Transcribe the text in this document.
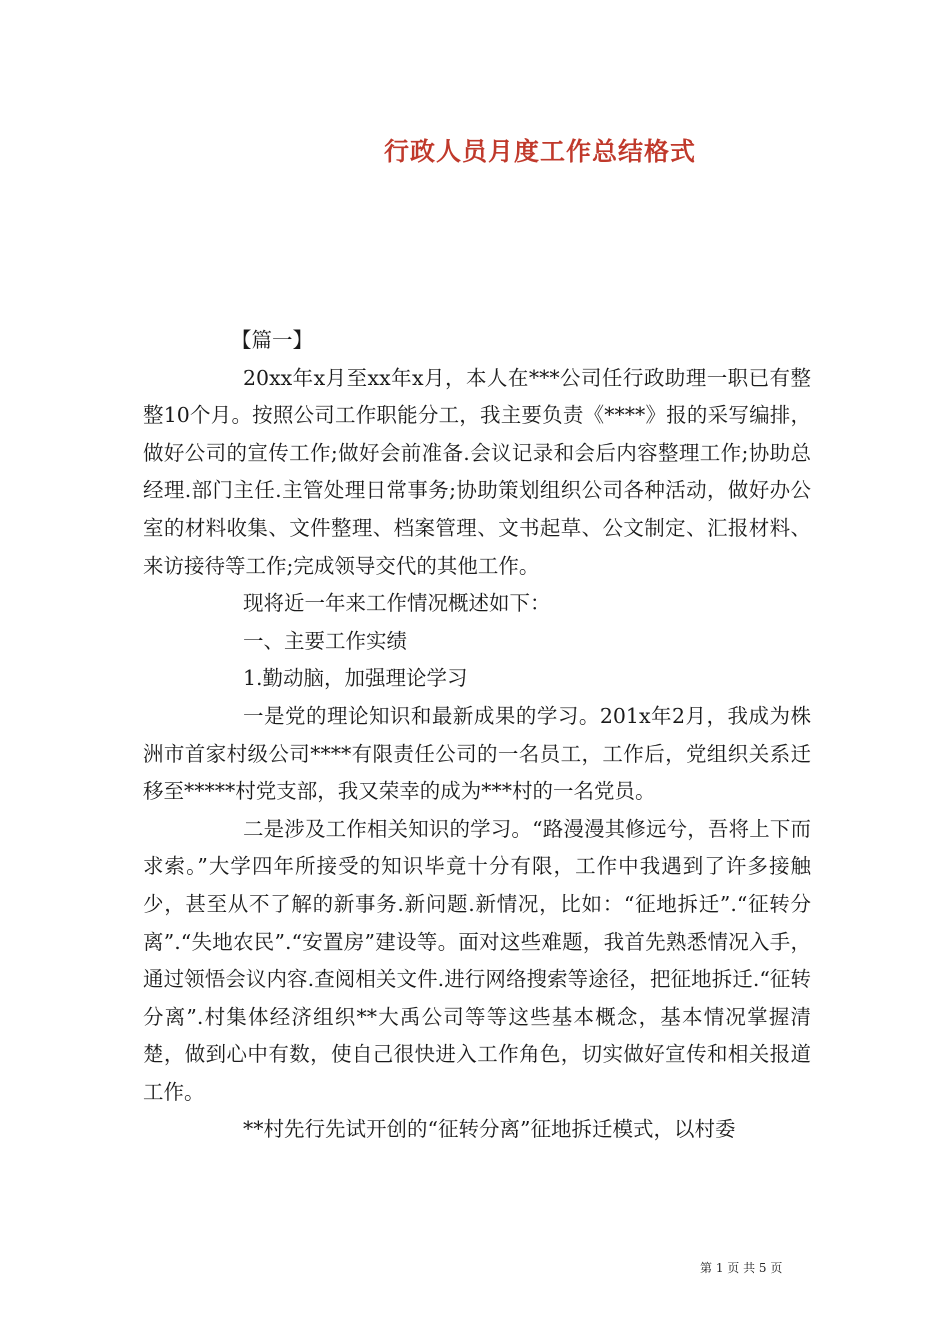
行政人员月度工作总结格式

【篇一】

20xx年x月至xx年x月，本人在***公司任行政助理一职已有整整10个月。按照公司工作职能分工，我主要负责《****》报的采写编排，做好公司的宣传工作;做好会前准备.会议记录和会后内容整理工作;协助总经理.部门主任.主管处理日常事务;协助策划组织公司各种活动，做好办公室的材料收集、文件整理、档案管理、文书起草、公文制定、汇报材料、来访接待等工作;完成领导交代的其他工作。

现将近一年来工作情况概述如下：

一、主要工作实绩

1.勤动脑，加强理论学习

一是党的理论知识和最新成果的学习。201x年2月，我成为株洲市首家村级公司****有限责任公司的一名员工，工作后，党组织关系迁移至*****村党支部，我又荣幸的成为***村的一名党员。

二是涉及工作相关知识的学习。“路漫漫其修远兮，吾将上下而求索。”大学四年所接受的知识毕竟十分有限，工作中我遇到了许多接触少，甚至从不了解的新事务.新问题.新情况，比如：“征地拆迁”.“征转分离”.“失地农民”.“安置房”建设等。面对这些难题，我首先熟悉情况入手，通过领悟会议内容.查阅相关文件.进行网络搜索等途径，把征地拆迁.“征转分离”.村集体经济组织**大禹公司等等这些基本概念，基本情况掌握清楚，做到心中有数，使自己很快进入工作角色，切实做好宣传和相关报道工作。

**村先行先试开创的“征转分离”征地拆迁模式，以村委

第 1 页 共 5 页
